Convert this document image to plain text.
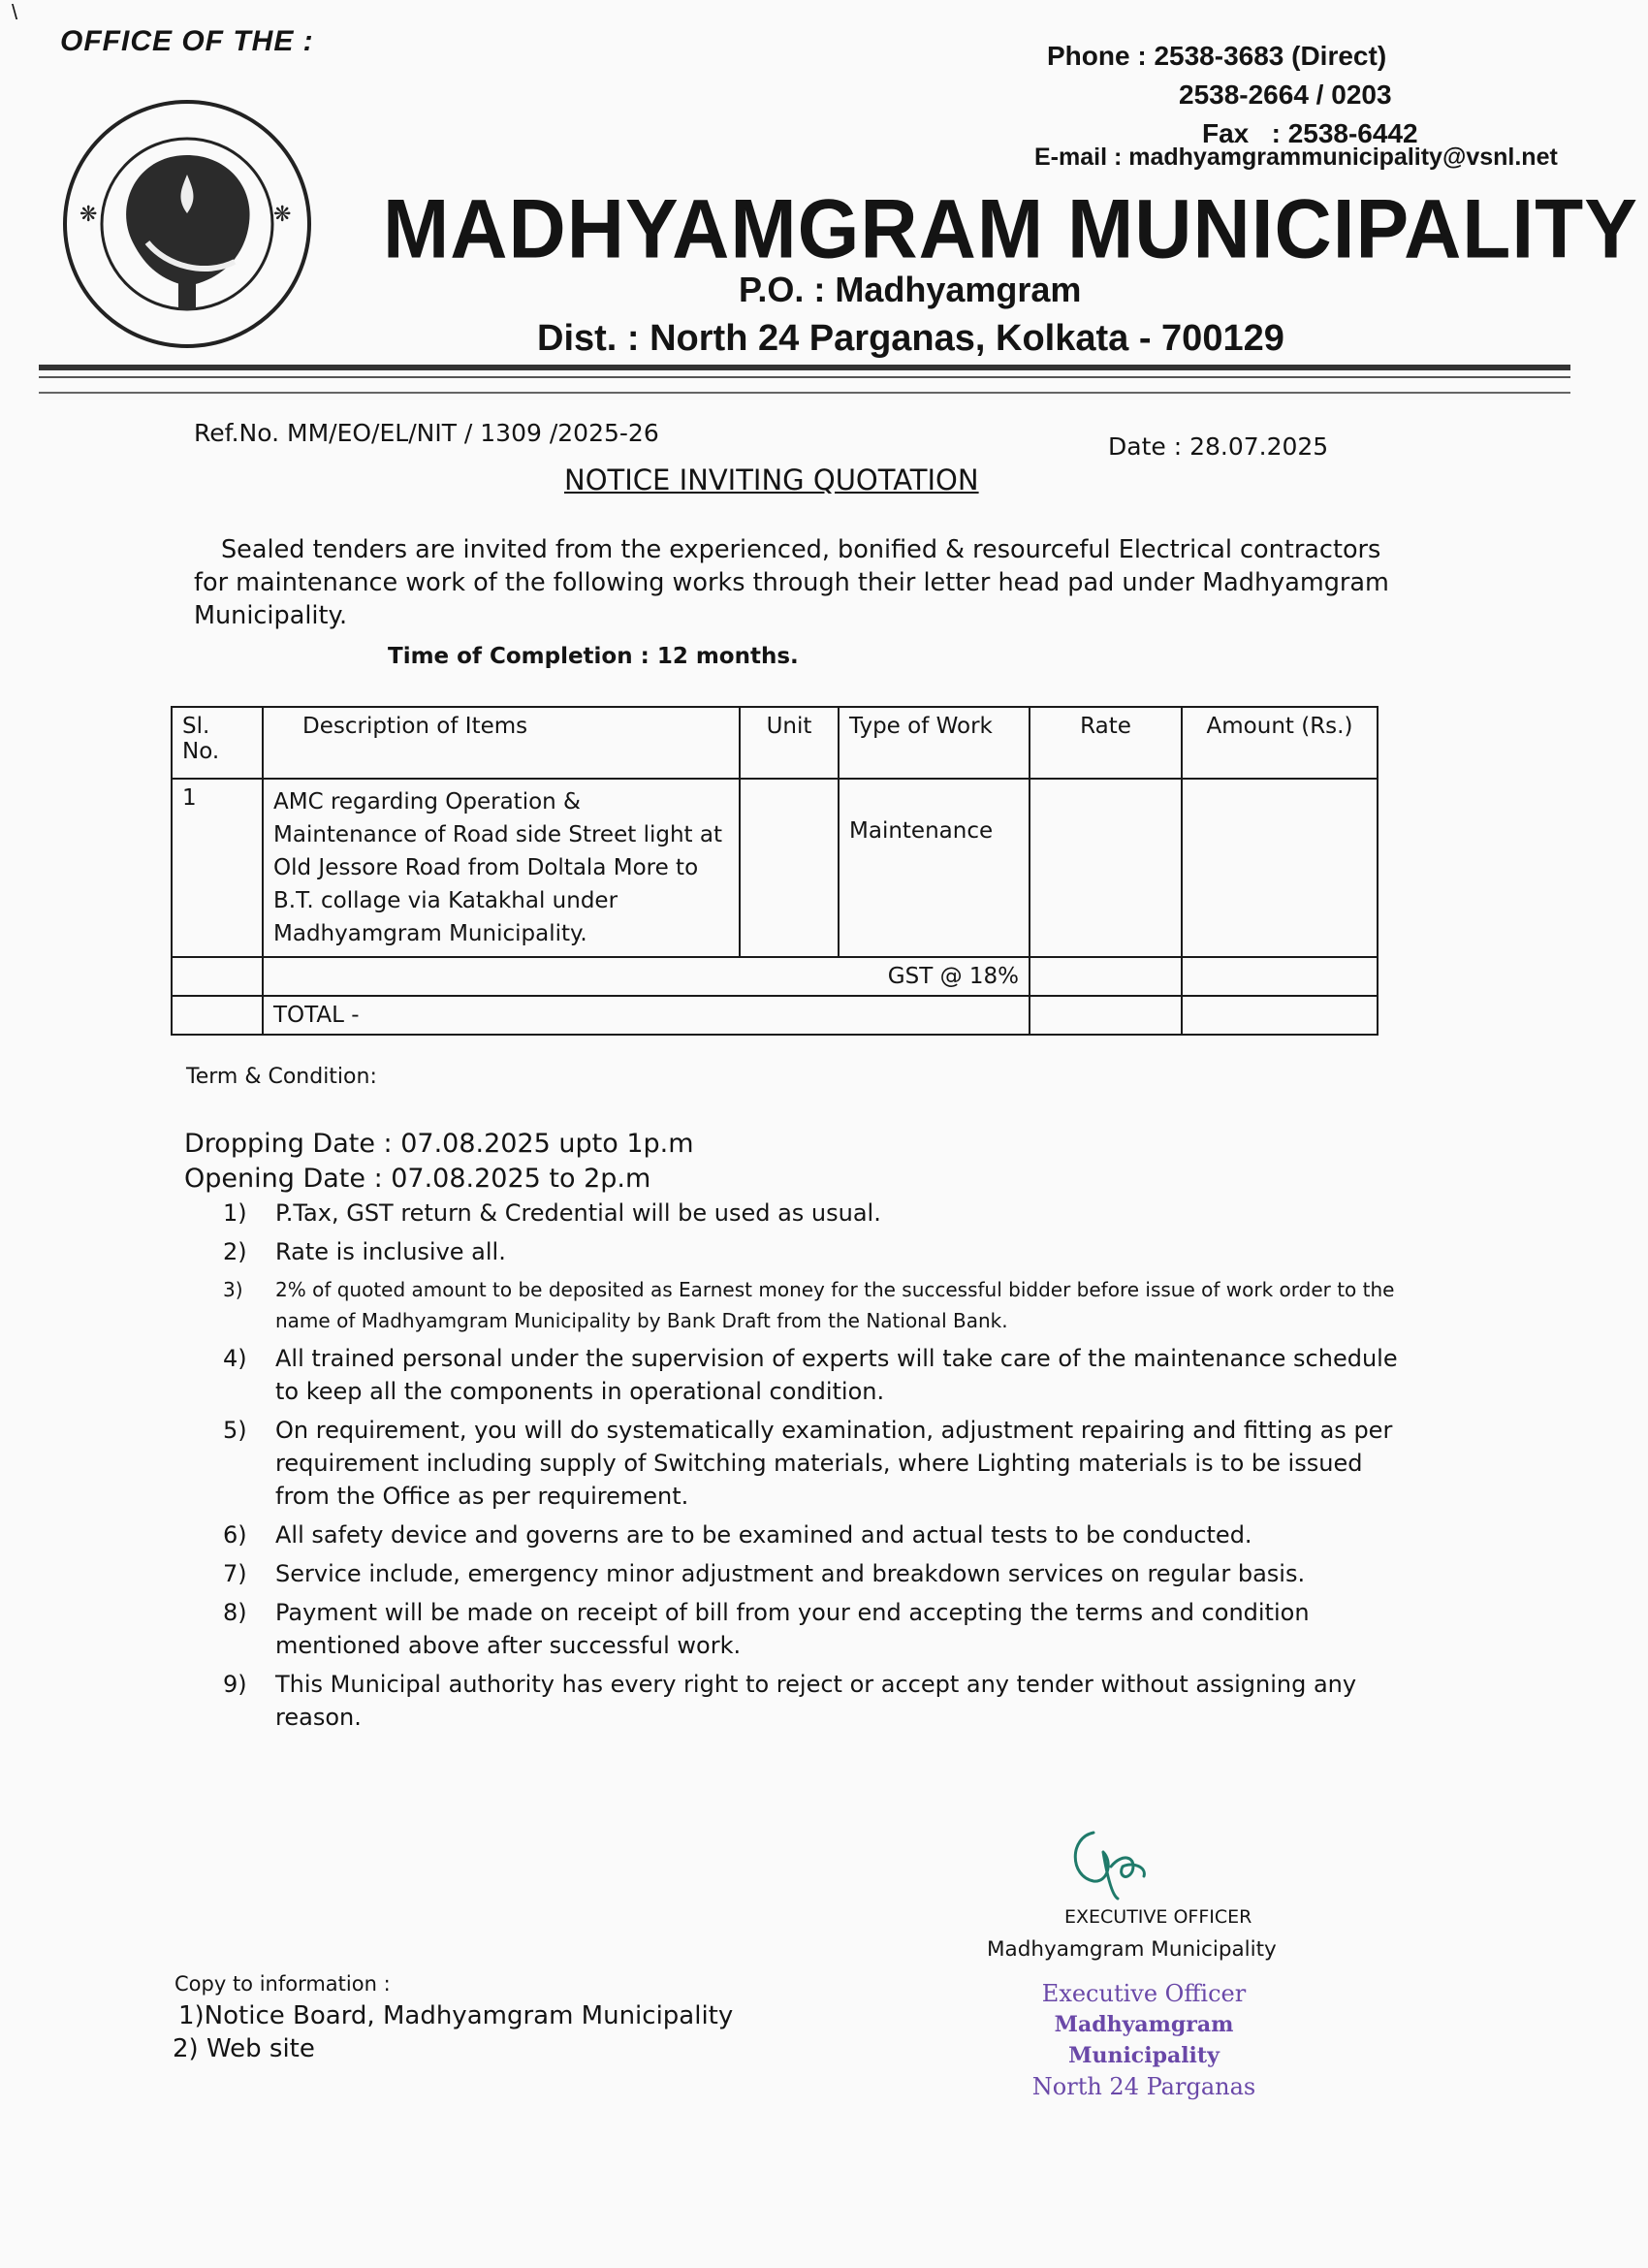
\
OFFICE OF THE :	Phone : 2538-3683 (Direct)
2538-2664 / 0203
Fax : 2538-6442
E-mail : madhyamgrammunicipality@vsnl.net
❋	❋ MADHYAMGRAM MUNICIPALITY
P.O. : Madhyamgram
Dist. : North 24 Parganas, Kolkata - 700129
Ref.No. MM/EO/EL/NIT / 1309 /2025-26	Date : 28.07.2025
NOTICE INVITING QUOTATION
Sealed tenders are invited from the experienced, bonified & resourceful Electrical contractors for maintenance work of the following works through their letter head pad under Madhyamgram Municipality.
Time of Completion : 12 months.
Sl. No.	Description of Items	Unit	Type of Work	Rate	Amount (Rs.)
1	AMC regarding Operation & Maintenance of Road side Street light at Old Jessore Road from Doltala More to B.T. collage via Katakhal under Madhyamgram Municipality.		Maintenance		
	GST @ 18%				
	TOTAL -				
Term & Condition:
Dropping Date : 07.08.2025 upto 1p.m
Opening Date : 07.08.2025 to 2p.m
1)	P.Tax, GST return & Credential will be used as usual.
2)	Rate is inclusive all.
3)	2% of quoted amount to be deposited as Earnest money for the successful bidder before issue of work order to the name of Madhyamgram Municipality by Bank Draft from the National Bank.
4)	All trained personal under the supervision of experts will take care of the maintenance schedule to keep all the components in operational condition.
5)	On requirement, you will do systematically examination, adjustment repairing and fitting as per requirement including supply of Switching materials, where Lighting materials is to be issued from the Office as per requirement.
6)	All safety device and governs are to be examined and actual tests to be conducted.
7)	Service include, emergency minor adjustment and breakdown services on regular basis.
8)	Payment will be made on receipt of bill from your end accepting the terms and condition mentioned above after successful work.
9)	This Municipal authority has every right to reject or accept any tender without assigning any reason.
EXECUTIVE OFFICER
Madhyamgram Municipality
Executive Officer
Madhyamgram Municipality
North 24 Parganas
Copy to information :
1)Notice Board, Madhyamgram Municipality
2) Web site
